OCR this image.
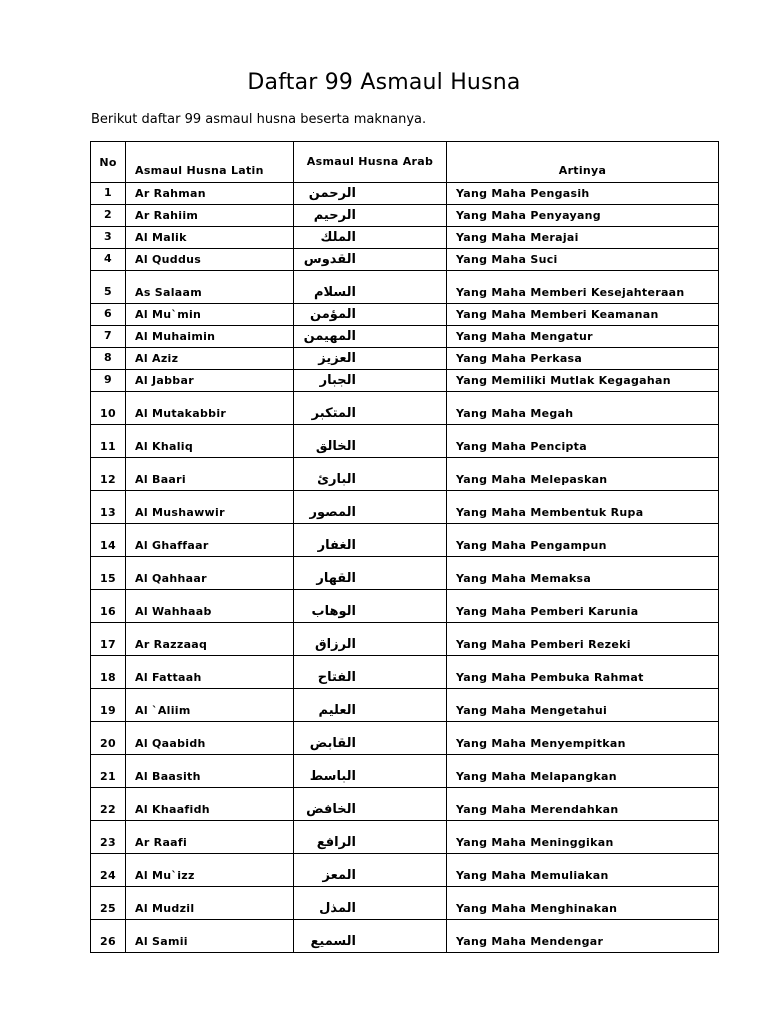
Daftar 99 Asmaul Husna
Berikut daftar 99 asmaul husna beserta maknanya.
No	Asmaul Husna Latin	Asmaul Husna Arab	Artinya
1	Ar Rahman	الرحمن	Yang Maha Pengasih
2	Ar Rahiim	الرحيم	Yang Maha Penyayang
3	Al Malik	الملك	Yang Maha Merajai
4	Al Quddus	القدوس	Yang Maha Suci
5	As Salaam	السلام	Yang Maha Memberi Kesejahteraan
6	Al Mu`min	المؤمن	Yang Maha Memberi Keamanan
7	Al Muhaimin	المهيمن	Yang Maha Mengatur
8	Al Aziz	العزيز	Yang Maha Perkasa
9	Al Jabbar	الجبار	Yang Memiliki Mutlak Kegagahan
10	Al Mutakabbir	المتكبر	Yang Maha Megah
11	Al Khaliq	الخالق	Yang Maha Pencipta
12	Al Baari	البارئ	Yang Maha Melepaskan
13	Al Mushawwir	المصور	Yang Maha Membentuk Rupa
14	Al Ghaffaar	الغفار	Yang Maha Pengampun
15	Al Qahhaar	القهار	Yang Maha Memaksa
16	Al Wahhaab	الوهاب	Yang Maha Pemberi Karunia
17	Ar Razzaaq	الرزاق	Yang Maha Pemberi Rezeki
18	Al Fattaah	الفتاح	Yang Maha Pembuka Rahmat
19	Al `Aliim	العليم	Yang Maha Mengetahui
20	Al Qaabidh	القابض	Yang Maha Menyempitkan
21	Al Baasith	الباسط	Yang Maha Melapangkan
22	Al Khaafidh	الخافض	Yang Maha Merendahkan
23	Ar Raafi	الرافع	Yang Maha Meninggikan
24	Al Mu`izz	المعز	Yang Maha Memuliakan
25	Al Mudzil	المذل	Yang Maha Menghinakan
26	Al Samii	السميع	Yang Maha Mendengar
